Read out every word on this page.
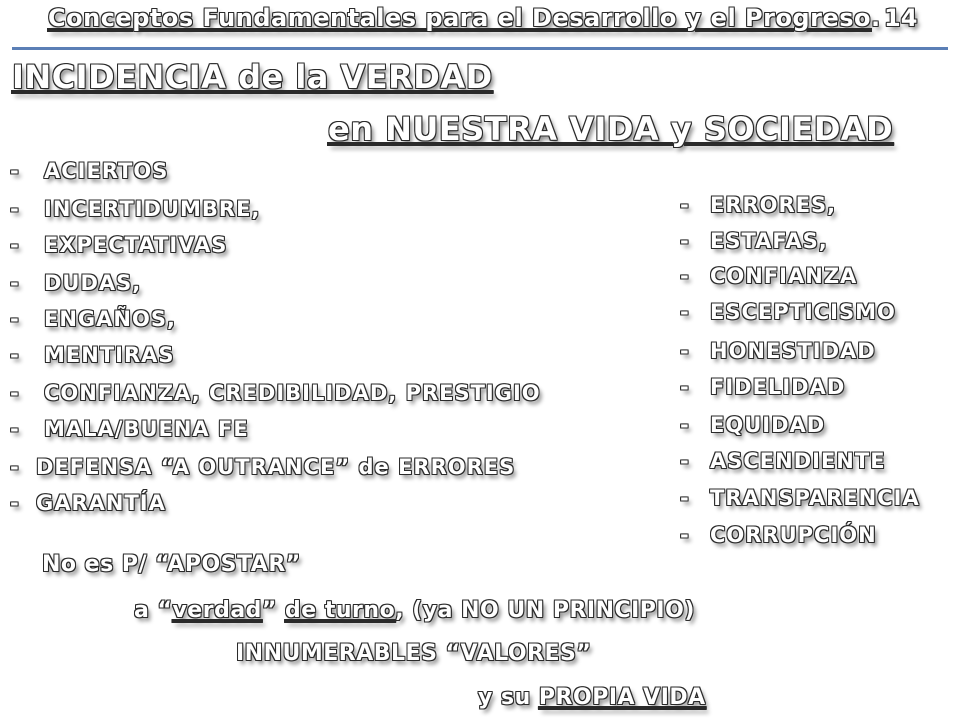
Conceptos Fundamentales para el Desarrollo y el Progreso. 14
INCIDENCIA de la VERDAD
en NUESTRA VIDA y SOCIEDAD
- ACIERTOS
- INCERTIDUMBRE,
- EXPECTATIVAS
- DUDAS,
- ENGAÑOS,
- MENTIRAS
- CONFIANZA, CREDIBILIDAD, PRESTIGIO
- MALA/BUENA FE
- DEFENSA “A OUTRANCE” de ERRORES
- GARANTÍA
- ERRORES,
- ESTAFAS,
- CONFIANZA
- ESCEPTICISMO
- HONESTIDAD
- FIDELIDAD
- EQUIDAD
- ASCENDIENTE
- TRANSPARENCIA
- CORRUPCIÓN
No es P/ “APOSTAR”
a “verdad” de turno, (ya NO UN PRINCIPIO)
INNUMERABLES “VALORES”
y su PROPIA VIDA
